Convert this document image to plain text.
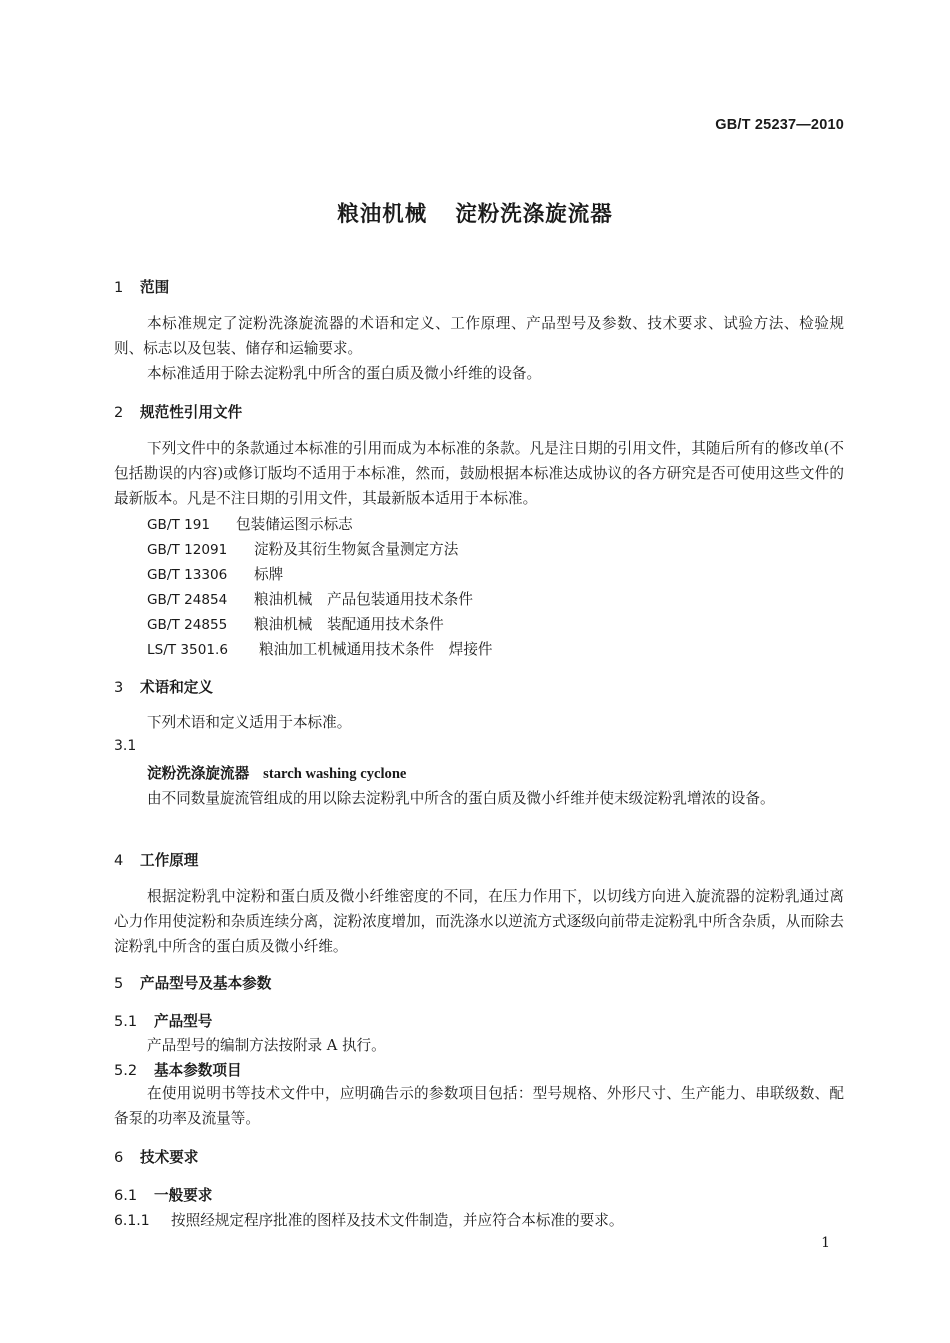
GB/T 25237—2010
粮油机械 淀粉洗涤旋流器
1 范围
本标准规定了淀粉洗涤旋流器的术语和定义、工作原理、产品型号及参数、技术要求、试验方法、检验规则、标志以及包装、储存和运输要求。
本标准适用于除去淀粉乳中所含的蛋白质及微小纤维的设备。
2 规范性引用文件
下列文件中的条款通过本标准的引用而成为本标准的条款。凡是注日期的引用文件，其随后所有的修改单(不包括勘误的内容)或修订版均不适用于本标准，然而，鼓励根据本标准达成协议的各方研究是否可使用这些文件的最新版本。凡是不注日期的引用文件，其最新版本适用于本标准。
GB/T 191 包装储运图示标志
GB/T 12091 淀粉及其衍生物氮含量测定方法
GB/T 13306 标牌
GB/T 24854 粮油机械　产品包装通用技术条件
GB/T 24855 粮油机械　装配通用技术条件
LS/T 3501.6 粮油加工机械通用技术条件　焊接件
3 术语和定义
下列术语和定义适用于本标准。
3.1
淀粉洗涤旋流器 starch washing cyclone
由不同数量旋流管组成的用以除去淀粉乳中所含的蛋白质及微小纤维并使末级淀粉乳增浓的设备。
4 工作原理
根据淀粉乳中淀粉和蛋白质及微小纤维密度的不同，在压力作用下，以切线方向进入旋流器的淀粉乳通过离心力作用使淀粉和杂质连续分离，淀粉浓度增加，而洗涤水以逆流方式逐级向前带走淀粉乳中所含杂质，从而除去淀粉乳中所含的蛋白质及微小纤维。
5 产品型号及基本参数
5.1 产品型号
产品型号的编制方法按附录 A 执行。
5.2 基本参数项目
在使用说明书等技术文件中，应明确告示的参数项目包括：型号规格、外形尺寸、生产能力、串联级数、配备泵的功率及流量等。
6 技术要求
6.1 一般要求
6.1.1 按照经规定程序批准的图样及技术文件制造，并应符合本标准的要求。
1
